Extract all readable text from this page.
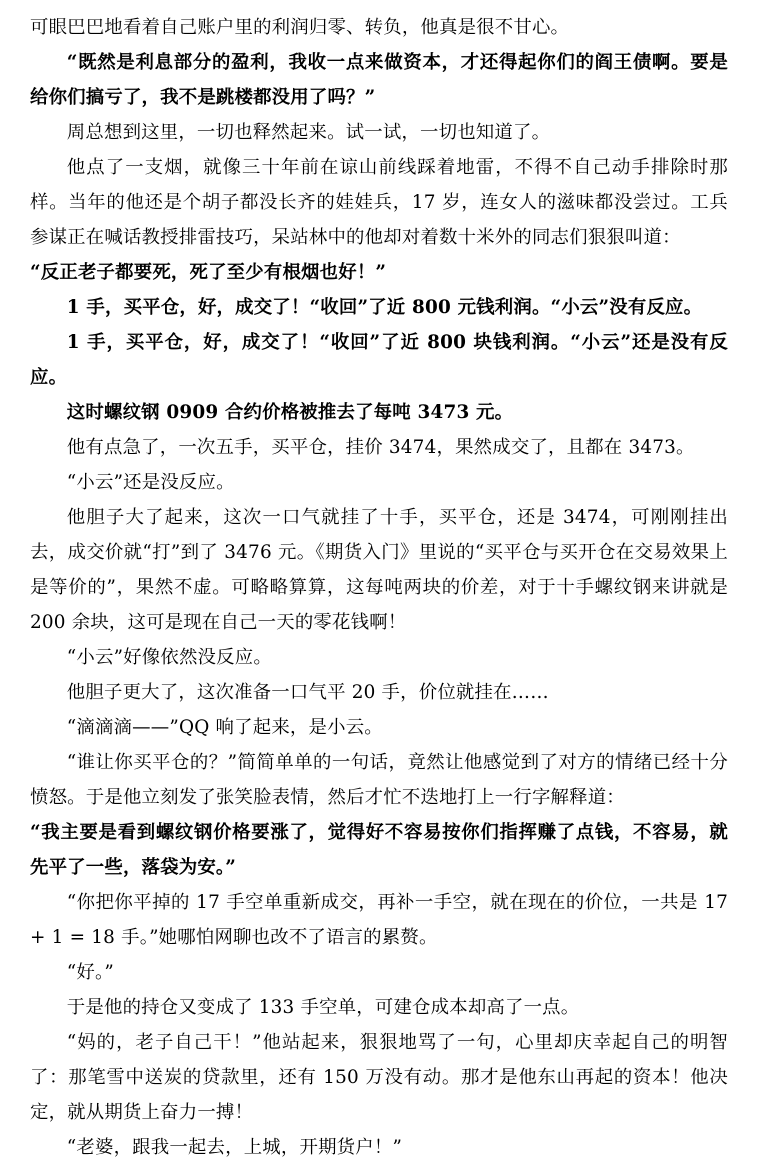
可眼巴巴地看着自己账户里的利润归零、转负，他真是很不甘心。

“既然是利息部分的盈利，我收一点来做资本，才还得起你们的阎王债啊。要是给你们搞亏了，我不是跳楼都没用了吗？”

周总想到这里，一切也释然起来。试一试，一切也知道了。

他点了一支烟，就像三十年前在谅山前线踩着地雷，不得不自己动手排除时那样。当年的他还是个胡子都没长齐的娃娃兵，17 岁，连女人的滋味都没尝过。工兵参谋正在喊话教授排雷技巧，呆站林中的他却对着数十米外的同志们狠狠叫道：

“反正老子都要死，死了至少有根烟也好！”

1 手，买平仓，好，成交了！“收回”了近 800 元钱利润。“小云”没有反应。

1 手，买平仓，好，成交了！“收回”了近 800 块钱利润。“小云”还是没有反应。

这时螺纹钢 0909 合约价格被推去了每吨 3473 元。

他有点急了，一次五手，买平仓，挂价 3474，果然成交了，且都在 3473。

“小云”还是没反应。

他胆子大了起来，这次一口气就挂了十手，买平仓，还是 3474，可刚刚挂出去，成交价就“打”到了 3476 元。《期货入门》里说的“买平仓与买开仓在交易效果上是等价的”，果然不虚。可略略算算，这每吨两块的价差，对于十手螺纹钢来讲就是 200 余块，这可是现在自己一天的零花钱啊！

“小云”好像依然没反应。

他胆子更大了，这次准备一口气平 20 手，价位就挂在……

“滴滴滴——”QQ 响了起来，是小云。

“谁让你买平仓的？”简简单单的一句话，竟然让他感觉到了对方的情绪已经十分愤怒。于是他立刻发了张笑脸表情，然后才忙不迭地打上一行字解释道：

“我主要是看到螺纹钢价格要涨了，觉得好不容易按你们指挥赚了点钱，不容易，就先平了一些，落袋为安。”

“你把你平掉的 17 手空单重新成交，再补一手空，就在现在的价位，一共是 17 + 1 = 18 手。”她哪怕网聊也改不了语言的累赘。

“好。”

于是他的持仓又变成了 133 手空单，可建仓成本却高了一点。

“妈的，老子自己干！”他站起来，狠狠地骂了一句，心里却庆幸起自己的明智了：那笔雪中送炭的贷款里，还有 150 万没有动。那才是他东山再起的资本！他决定，就从期货上奋力一搏！

“老婆，跟我一起去，上城，开期货户！”
